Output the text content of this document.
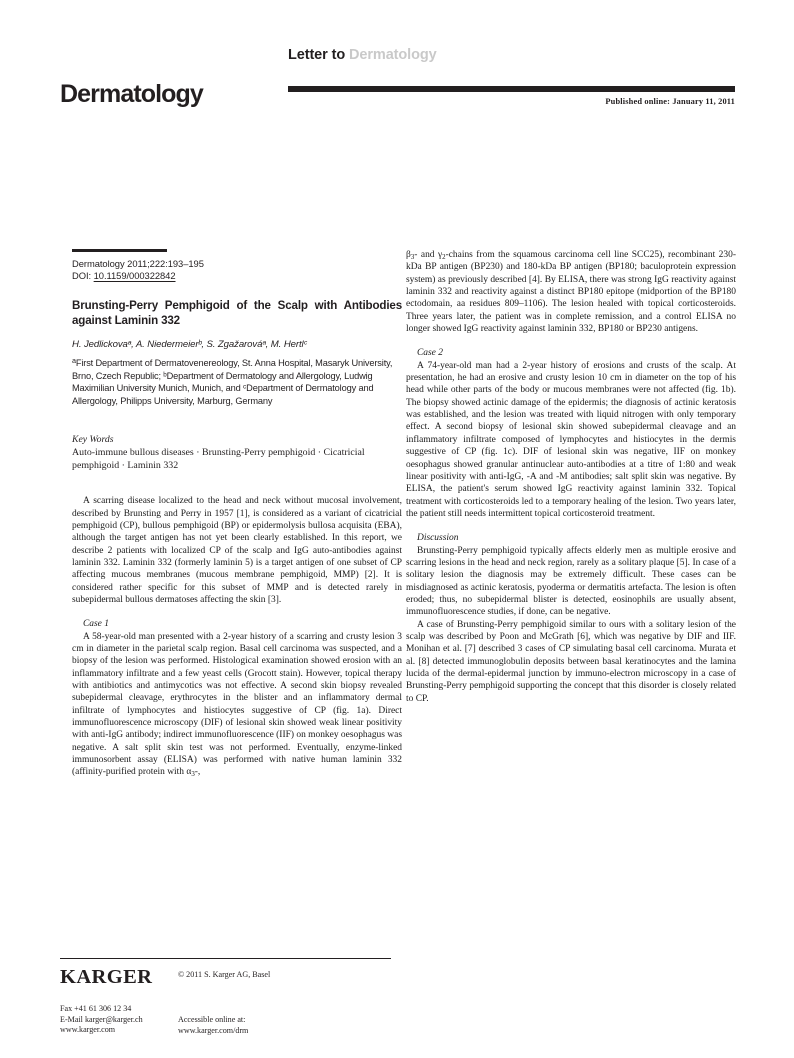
Letter to Dermatology
Dermatology	Published online: January 11, 2011
Dermatology 2011;222:193–195
DOI: 10.1159/000322842
Brunsting-Perry Pemphigoid of the Scalp with Antibodies against Laminin 332
H. Jedlickovaᵃ, A. Niedermeierᵇ, S. Zgažarováᵃ, M. Hertlᶜ
$^a$First Department of Dermatovenereology, St. Anna Hospital, Masaryk University, Brno, Czech Republic; ᵇDepartment of Dermatology and Allergology, Ludwig Maximilian University Munich, Munich, and ᶜDepartment of Dermatology and Allergology, Philipps University, Marburg, Germany
Key Words
Auto-immune bullous diseases · Brunsting-Perry pemphigoid · Cicatricial pemphigoid · Laminin 332

A scarring disease localized to the head and neck without mucosal involvement, described by Brunsting and Perry in 1957 [1], is considered as a variant of cicatricial pemphigoid (CP), bullous pemphigoid (BP) or epidermolysis bullosa acquisita (EBA), although the target antigen has not yet been clearly established. In this report, we describe 2 patients with localized CP of the scalp and IgG auto-antibodies against laminin 332. Laminin 332 (formerly laminin 5) is a target antigen of one subset of CP affecting mucous membranes (mucous membrane pemphigoid, MMP) [2]. It is considered rather specific for this subset of MMP and is detected rarely in subepidermal bullous dermatoses affecting the skin [3].

Case 1

A 58-year-old man presented with a 2-year history of a scarring and crusty lesion 3 cm in diameter in the parietal scalp region. Basal cell carcinoma was suspected, and a biopsy of the lesion was performed. Histological examination showed erosion with an inflammatory infiltrate and a few yeast cells (Grocott stain). However, topical therapy with antibiotics and antimycotics was not effective. A second skin biopsy revealed subepidermal cleavage, erythrocytes in the blister and an inflammatory dermal infiltrate of lymphocytes and histiocytes suggestive of CP (fig. 1a). Direct immunofluorescence microscopy (DIF) of lesional skin showed weak linear positivity with anti-IgG antibody; indirect immunofluorescence (IIF) on monkey oesophagus was negative. A salt split skin test was not performed. Eventually, enzyme-linked immunosorbent assay (ELISA) was performed with native human laminin 332 (affinity-purified protein with $\alpha_3-$,

$\beta_3-$ and $\gamma_2$-chains from the squamous carcinoma cell line SCC25), recombinant 230-kDa BP antigen (BP230) and 180-kDa BP antigen (BP180; baculoprotein expression system) as previously described [4]. By ELISA, there was strong IgG reactivity against laminin 332 and reactivity against a distinct BP180 epitope (midportion of the BP180 ectodomain, aa residues 809–1106). The lesion healed with topical corticosteroids. Three years later, the patient was in complete remission, and a control ELISA no longer showed IgG reactivity against laminin 332, BP180 or BP230 antigens.

Case 2

A 74-year-old man had a 2-year history of erosions and crusts of the scalp. At presentation, he had an erosive and crusty lesion 10 cm in diameter on the top of his head while other parts of the body or mucous membranes were not affected (fig. 1b). The biopsy showed actinic damage of the epidermis; the diagnosis of actinic keratosis was established, and the lesion was treated with liquid nitrogen with only temporary effect. A second biopsy of lesional skin showed subepidermal cleavage and an inflammatory infiltrate composed of lymphocytes and histiocytes in the dermis suggestive of CP (fig. 1c). DIF of lesional skin was negative, IIF on monkey oesophagus showed granular antinuclear auto-antibodies at a titre of 1:80 and weak linear positivity with anti-IgG, -A and -M antibodies; salt split skin was negative. By ELISA, the patient's serum showed IgG reactivity against laminin 332. Topical treatment with corticosteroids led to a temporary healing of the lesion. Two years later, the patient still needs intermittent topical corticosteroid treatment.

Discussion

Brunsting-Perry pemphigoid typically affects elderly men as multiple erosive and scarring lesions in the head and neck region, rarely as a solitary plaque [5]. In case of a solitary lesion the diagnosis may be extremely difficult. These cases can be misdiagnosed as actinic keratosis, pyoderma or dermatitis artefacta. The lesion is often eroded; thus, no subepidermal blister is detected, eosinophils are usually absent, immunofluorescence studies, if done, can be negative.

A case of Brunsting-Perry pemphigoid similar to ours with a solitary lesion of the scalp was described by Poon and McGrath [6], which was negative by DIF and IIF. Monihan et al. [7] described 3 cases of CP simulating basal cell carcinoma. Murata et al. [8] detected immunoglobulin deposits between basal keratinocytes and the lamina lucida of the dermal-epidermal junction by immuno-electron microscopy in a case of Brunsting-Perry pemphigoid supporting the concept that this disorder is closely related to CP.

KARGER	© 2011 S. Karger AG, Basel
Fax +41 61 306 12 34
E-Mail karger@karger.ch
www.karger.com
Accessible online at:
www.karger.com/drm
